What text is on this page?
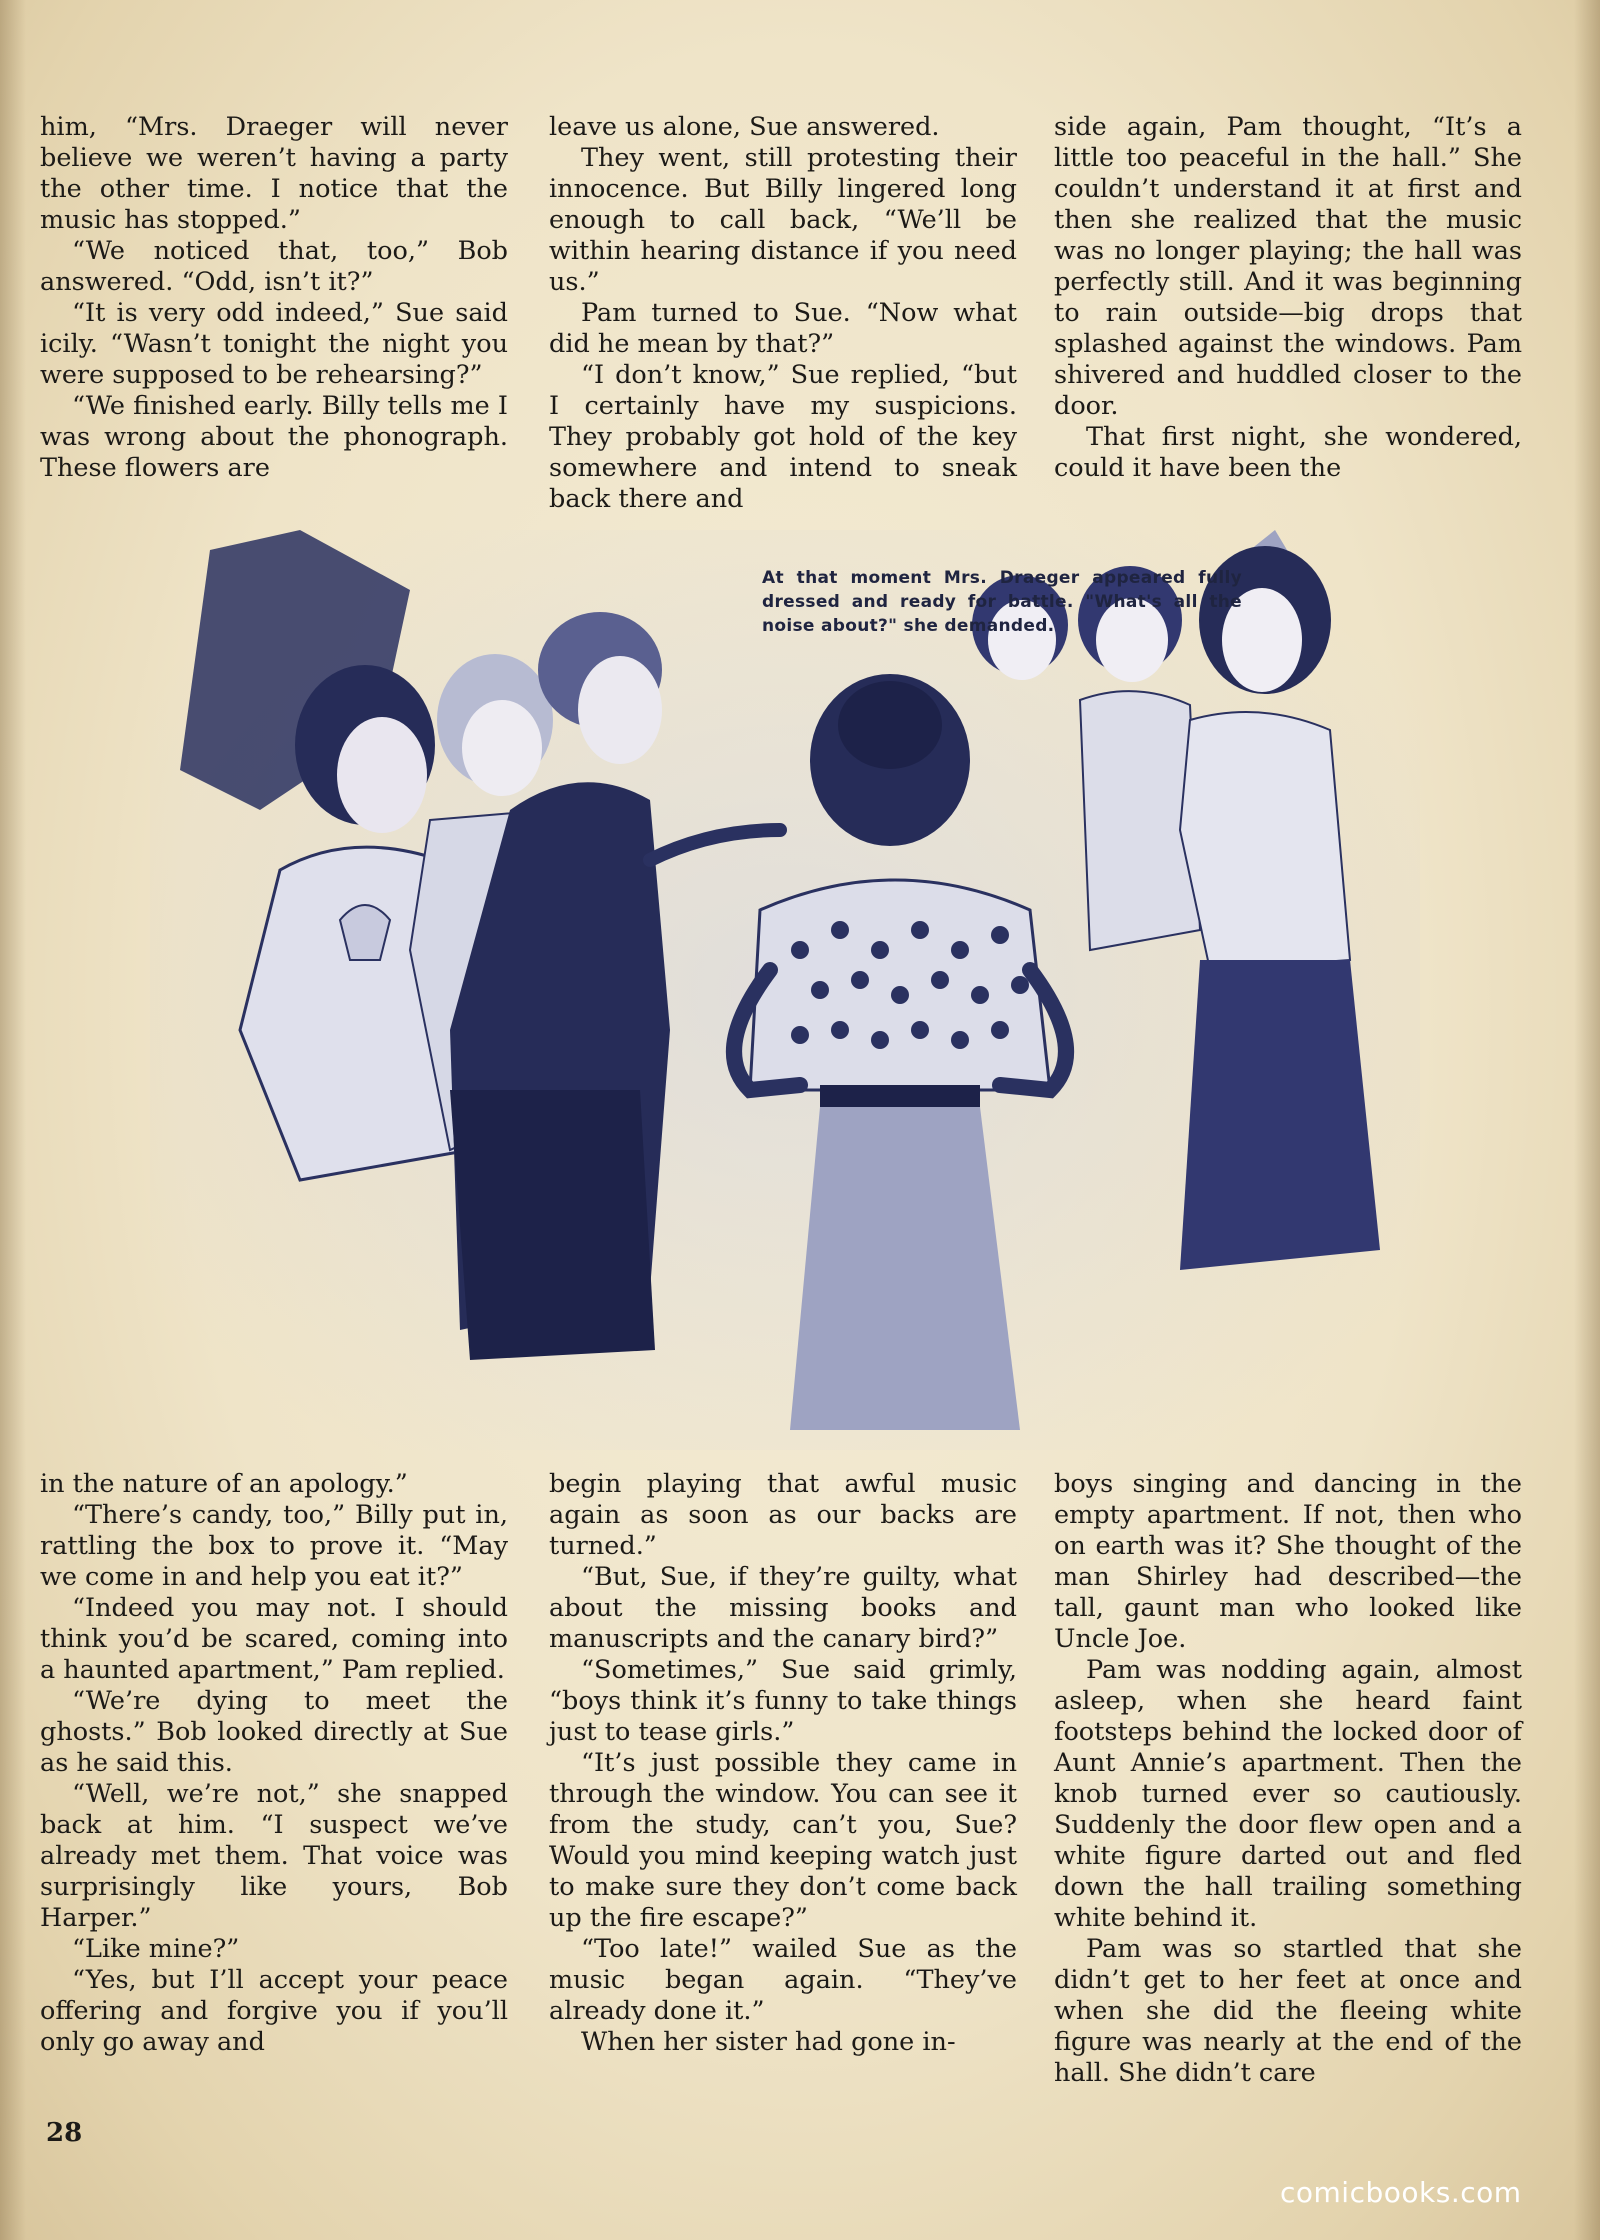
him, “Mrs. Draeger will never believe we weren’t having a party the other time. I notice that the music has stopped.”

“We noticed that, too,” Bob answered. “Odd, isn’t it?”

“It is very odd indeed,” Sue said icily. “Wasn’t tonight the night you were supposed to be rehearsing?”

“We finished early. Billy tells me I was wrong about the phonograph. These flowers are

leave us alone, Sue answered.

They went, still protesting their innocence. But Billy lingered long enough to call back, “We’ll be within hearing distance if you need us.”

Pam turned to Sue. “Now what did he mean by that?”

“I don’t know,” Sue replied, “but I certainly have my suspicions. They probably got hold of the key somewhere and intend to sneak back there and

side again, Pam thought, “It’s a little too peaceful in the hall.” She couldn’t understand it at first and then she realized that the music was no longer playing; the hall was perfectly still. And it was beginning to rain outside—big drops that splashed against the windows. Pam shivered and huddled closer to the door.

That first night, she wondered, could it have been the

At that moment Mrs. Draeger appeared fully dressed and ready for battle. "What's all the noise about?" she demanded.

in the nature of an apology.”

“There’s candy, too,” Billy put in, rattling the box to prove it. “May we come in and help you eat it?”

“Indeed you may not. I should think you’d be scared, coming into a haunted apartment,” Pam replied.

“We’re dying to meet the ghosts.” Bob looked directly at Sue as he said this.

“Well, we’re not,” she snapped back at him. “I suspect we’ve already met them. That voice was surprisingly like yours, Bob Harper.”

“Like mine?”

“Yes, but I’ll accept your peace offering and forgive you if you’ll only go away and

begin playing that awful music again as soon as our backs are turned.”

“But, Sue, if they’re guilty, what about the missing books and manuscripts and the canary bird?”

“Sometimes,” Sue said grimly, “boys think it’s funny to take things just to tease girls.”

“It’s just possible they came in through the window. You can see it from the study, can’t you, Sue? Would you mind keeping watch just to make sure they don’t come back up the fire escape?”

“Too late!” wailed Sue as the music began again. “They’ve already done it.”

When her sister had gone in-

boys singing and dancing in the empty apartment. If not, then who on earth was it? She thought of the man Shirley had described—the tall, gaunt man who looked like Uncle Joe.

Pam was nodding again, almost asleep, when she heard faint footsteps behind the locked door of Aunt Annie’s apartment. Then the knob turned ever so cautiously. Suddenly the door flew open and a white figure darted out and fled down the hall trailing something white behind it.

Pam was so startled that she didn’t get to her feet at once and when she did the fleeing white figure was nearly at the end of the hall. She didn’t care

28
comicbooks.com
